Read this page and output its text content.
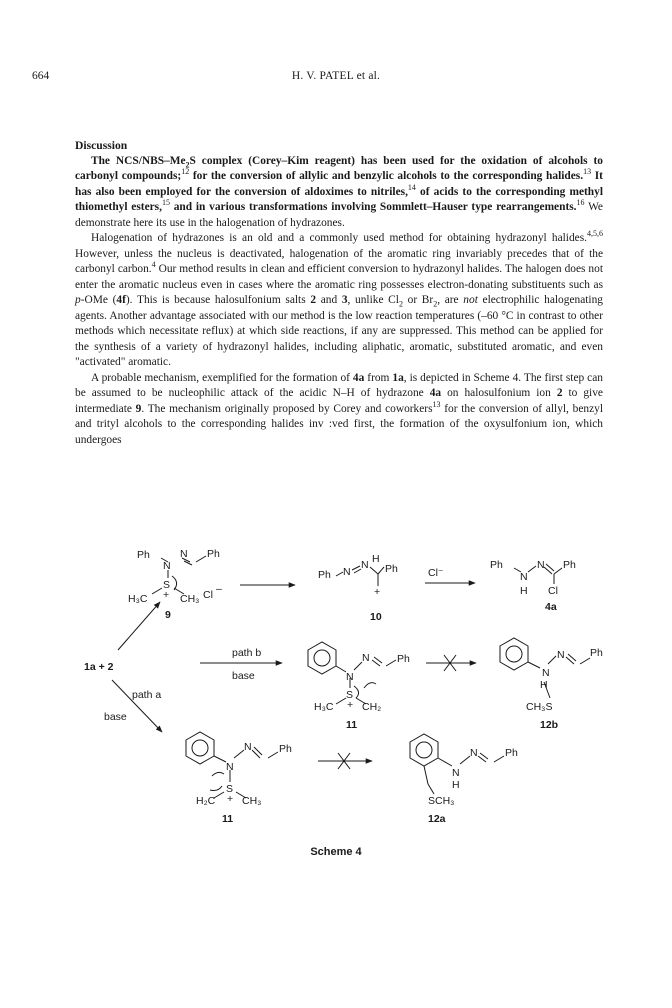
664	H. V. PATEL et al.
Discussion

The NCS/$NBS-Me_2S$ complex (Corey–Kim reagent) has been used for the oxidation of alcohols to carbonyl compounds;$^{12}$ for the conversion of allylic and benzylic alcohols to the corresponding halides.$^{13}$ It has also been employed for the conversion of aldoximes to nitriles,$^{14}$ of acids to the corresponding methyl thiomethyl esters,$^{15}$ and in various transformations involving Sommlett–Hauser type rearrangements.$^{16}$ We demonstrate here its use in the halogenation of hydrazones.

Halogenation of hydrazones is an old and a commonly used method for obtaining hydrazonyl halides.$^{4,5,6}$ However, unless the nucleus is deactivated, halogenation of the aromatic ring invariably precedes that of the carbonyl carbon.$^4$ Our method results in clean and efficient conversion to hydrazonyl halides. The halogen does not enter the aromatic nucleus even in cases where the aromatic ring possesses electron-donating substituents such as p-OMe (4f). This is because halosulfonium salts 2 and 3, unlike $Cl_2$ or $Br_2$, are not electrophilic halogenating agents. Another advantage associated with our method is the low reaction temperatures (–60 °C in contrast to other methods which necessitate reflux) at which side reactions, if any are suppressed. This method can be applied for the synthesis of a variety of hydrazonyl halides, including aliphatic, aromatic, substituted aromatic, and even "activated" aromatic.

A probable mechanism, exemplified for the formation of 4a from 1a, is depicted in Scheme 4. The first step can be assumed to be nucleophilic attack of the acidic N–H of hydrazone 4a on halosulfonium ion 2 to give intermediate 9. The mechanism originally proposed by Corey and coworkers$^{13}$ for the conversion of allyl, benzyl and trityl alcohols to the corresponding halides inv :ved first, the formation of the oxysulfonium ion, which undergoes

Ph
N
N Ph
S
H₃C + CH₃ Cl –
9
Ph N
N H
Ph
+
10
Cl⁻
Ph
N
H
N Ph
Cl
4a
1a + 2
path a
base
path b
base	N
N	Ph
S
H₃C + CH₂
11
N
H
N Ph
CH₃S
12b
N
N	Ph
S
H₂C + CH₃
11
N
H
N	Ph
SCH₃
12a
Scheme 4
